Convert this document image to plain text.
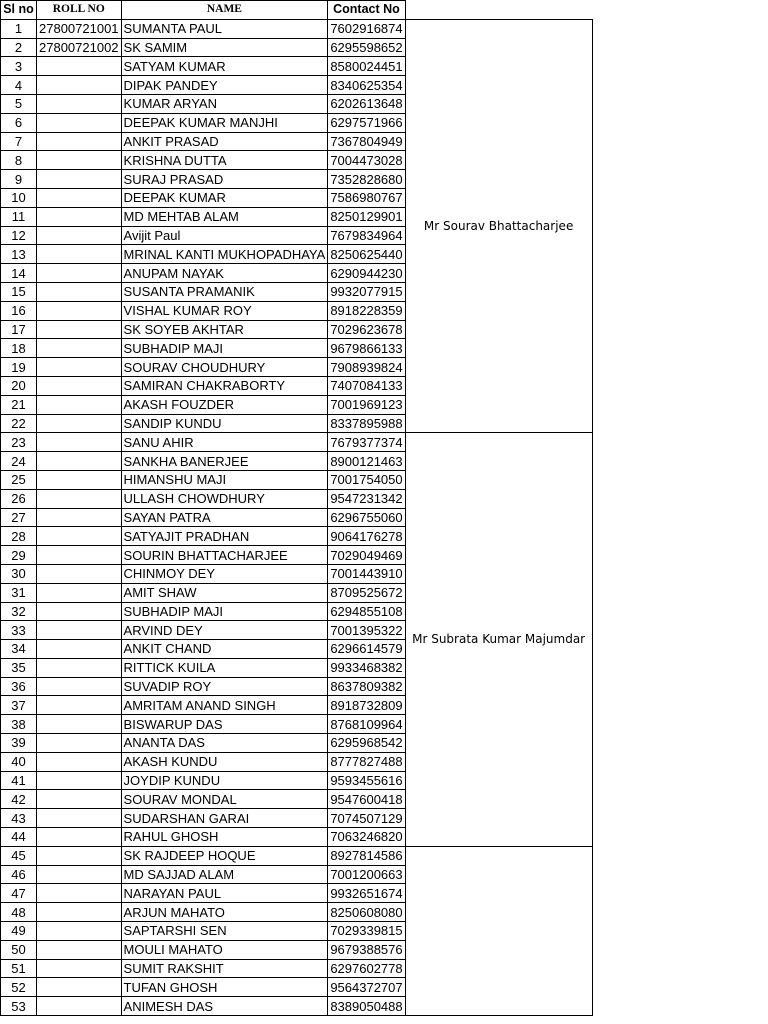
Sl no	ROLL NO	NAME	Contact No	
1	27800721001	SUMANTA PAUL	7602916874	Mr Sourav Bhattacharjee
2	27800721002	SK SAMIM	6295598652	
3		SATYAM KUMAR	8580024451	
4		DIPAK PANDEY	8340625354	
5		KUMAR ARYAN	6202613648	
6		DEEPAK KUMAR MANJHI	6297571966	
7		ANKIT PRASAD	7367804949	
8		KRISHNA DUTTA	7004473028	
9		SURAJ PRASAD	7352828680	
10		DEEPAK KUMAR	7586980767	
11		MD MEHTAB ALAM	8250129901	
12		Avijit Paul	7679834964	
13		MRINAL KANTI MUKHOPADHAYA	8250625440	
14		ANUPAM NAYAK	6290944230	
15		SUSANTA PRAMANIK	9932077915	
16		VISHAL KUMAR ROY	8918228359	
17		SK SOYEB AKHTAR	7029623678	
18		SUBHADIP MAJI	9679866133	
19		SOURAV CHOUDHURY	7908939824	
20		SAMIRAN CHAKRABORTY	7407084133	
21		AKASH FOUZDER	7001969123	
22		SANDIP KUNDU	8337895988	
23		SANU AHIR	7679377374	Mr Subrata Kumar Majumdar
24		SANKHA BANERJEE	8900121463	
25		HIMANSHU MAJI	7001754050	
26		ULLASH CHOWDHURY	9547231342	
27		SAYAN PATRA	6296755060	
28		SATYAJIT PRADHAN	9064176278	
29		SOURIN BHATTACHARJEE	7029049469	
30		CHINMOY DEY	7001443910	
31		AMIT SHAW	8709525672	
32		SUBHADIP MAJI	6294855108	
33		ARVIND DEY	7001395322	
34		ANKIT CHAND	6296614579	
35		RITTICK KUILA	9933468382	
36		SUVADIP ROY	8637809382	
37		AMRITAM ANAND SINGH	8918732809	
38		BISWARUP DAS	8768109964	
39		ANANTA DAS	6295968542	
40		AKASH KUNDU	8777827488	
41		JOYDIP KUNDU	9593455616	
42		SOURAV MONDAL	9547600418	
43		SUDARSHAN GARAI	7074507129	
44		RAHUL GHOSH	7063246820	
45		SK RAJDEEP HOQUE	8927814586	
46		MD SAJJAD ALAM	7001200663	
47		NARAYAN PAUL	9932651674	
48		ARJUN MAHATO	8250608080	
49		SAPTARSHI SEN	7029339815	
50		MOULI MAHATO	9679388576	
51		SUMIT RAKSHIT	6297602778	
52		TUFAN GHOSH	9564372707	
53		ANIMESH DAS	8389050488	
